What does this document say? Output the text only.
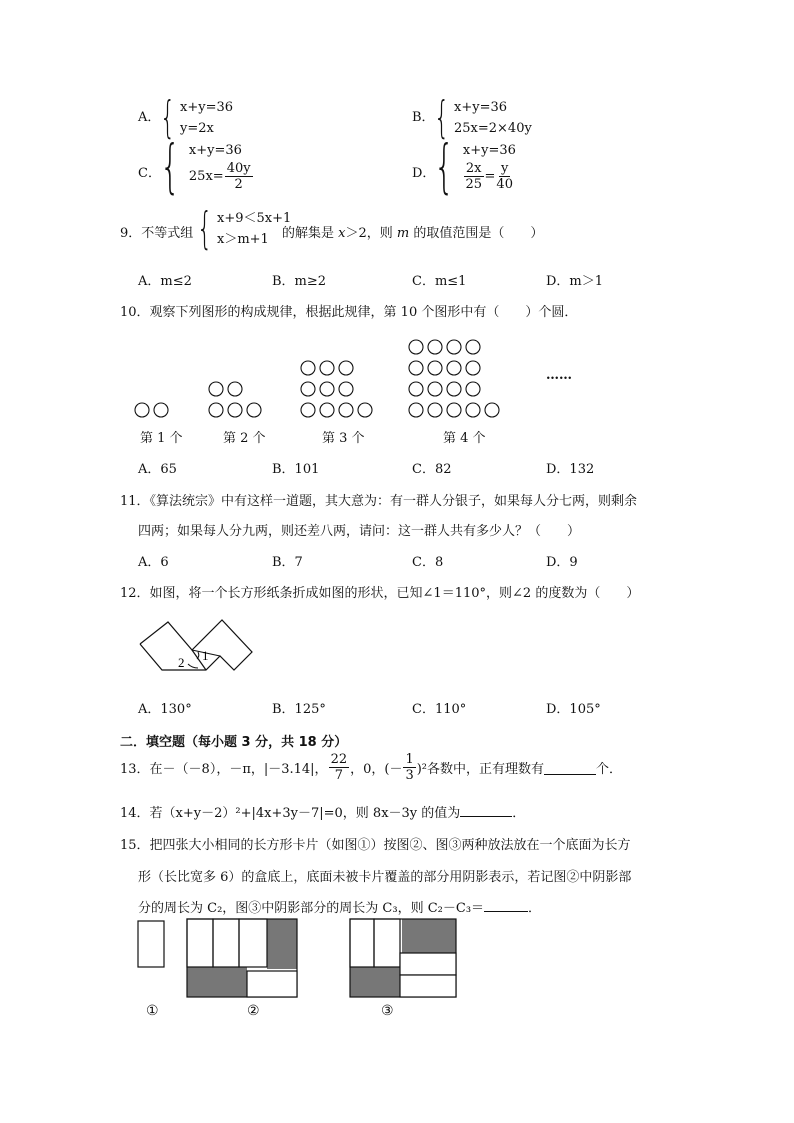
A． { x+y=36
y=2x
B． { x+y=36
25x=2×40y
C． { x+y=36
$25x= \frac{40y}{2}$	D．
{ x+y=36
$\frac{2x}{25} = \frac{y}{40}$
9．不等式组 { x+9＜5x+1
x＞m+1	的解集是 x＞2，则 m 的取值范围是（　　）
A．m≤2	B．m≥2	C．m≤1	D．m＞1
10．观察下列图形的构成规律，根据此规律，第 10 个图形中有（　　）个圆．
……
第 1 个	第 2 个	第 3 个	第 4 个
A．65	B．101	C．82	D．132
11．《算法统宗》中有这样一道题，其大意为：有一群人分银子，如果每人分七两，则剩余
四两；如果每人分九两，则还差八两，请问：这一群人共有多少人？（　　）
A．6	B．7	C．8	D．9
12．如图，将一个长方形纸条折成如图的形状，已知∠1＝110°，则∠2 的度数为（　　）
2 1
A．130°	B．125°	C．110°	D．105°
二．填空题（每小题 3 分，共 18 分）
13．在－（－8），－π，|－3.14|， $\frac{22}{7}$ ，0，(－ $\frac{1}{3} )^2$各数中，正有理数有	个．
14．若（x+y－2）²+|4x+3y－7|=0，则 8x－3y 的值为	．
15．把四张大小相同的长方形卡片（如图①）按图②、图③两种放法放在一个底面为长方
形（长比宽多 6）的盒底上，底面未被卡片覆盖的部分用阴影表示，若记图②中阴影部
分的周长为 C₂，图③中阴影部分的周长为 C₃，则 C₂－C₃＝	．
①	②	③
